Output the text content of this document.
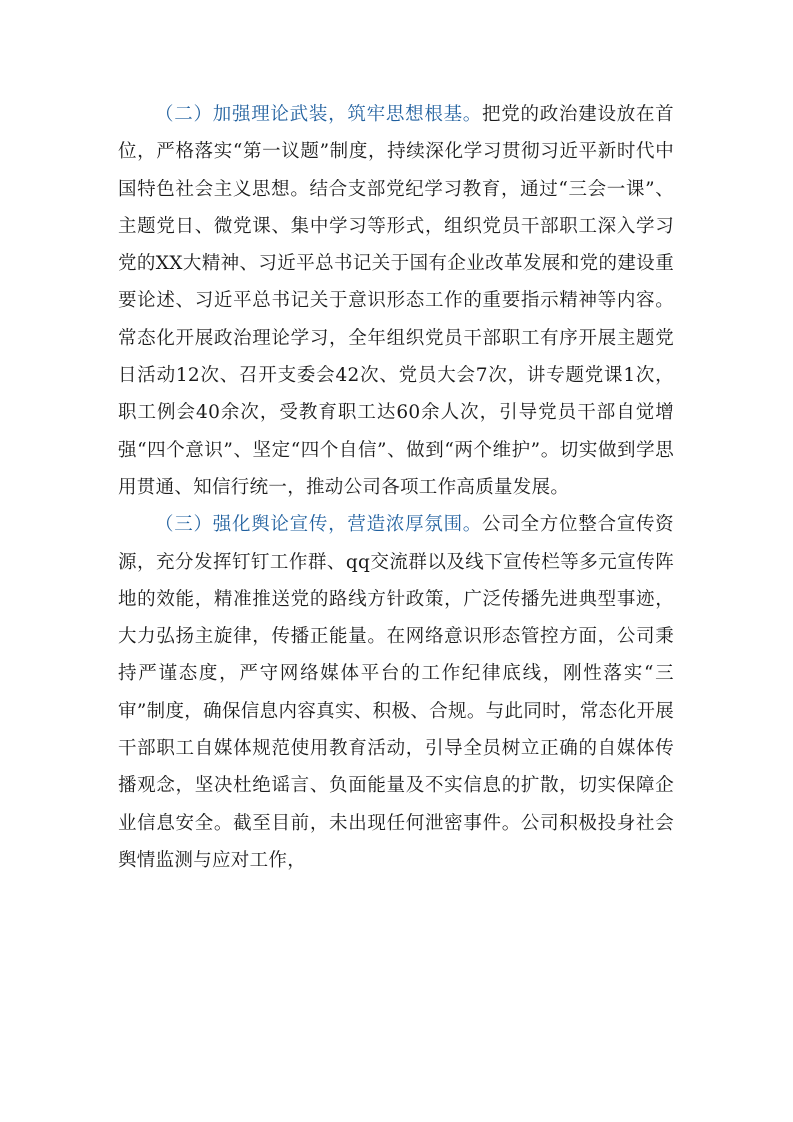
（二）加强理论武装，筑牢思想根基。把党的政治建设放在首位，严格落实“第一议题”制度，持续深化学习贯彻习近平新时代中国特色社会主义思想。结合支部党纪学习教育，通过“三会一课”、主题党日、微党课、集中学习等形式，组织党员干部职工深入学习党的XX大精神、习近平总书记关于国有企业改革发展和党的建设重要论述、习近平总书记关于意识形态工作的重要指示精神等内容。常态化开展政治理论学习，全年组织党员干部职工有序开展主题党日活动12次、召开支委会42次、党员大会7次，讲专题党课1次，职工例会40余次，受教育职工达60余人次，引导党员干部自觉增强“四个意识”、坚定“四个自信”、做到“两个维护”。切实做到学思用贯通、知信行统一，推动公司各项工作高质量发展。

（三）强化舆论宣传，营造浓厚氛围。公司全方位整合宣传资源，充分发挥钉钉工作群、qq交流群以及线下宣传栏等多元宣传阵地的效能，精准推送党的路线方针政策，广泛传播先进典型事迹，大力弘扬主旋律，传播正能量。在网络意识形态管控方面，公司秉持严谨态度，严守网络媒体平台的工作纪律底线，刚性落实“三审”制度，确保信息内容真实、积极、合规。与此同时，常态化开展干部职工自媒体规范使用教育活动，引导全员树立正确的自媒体传播观念，坚决杜绝谣言、负面能量及不实信息的扩散，切实保障企业信息安全。截至目前，未出现任何泄密事件。公司积极投身社会舆情监测与应对工作，
